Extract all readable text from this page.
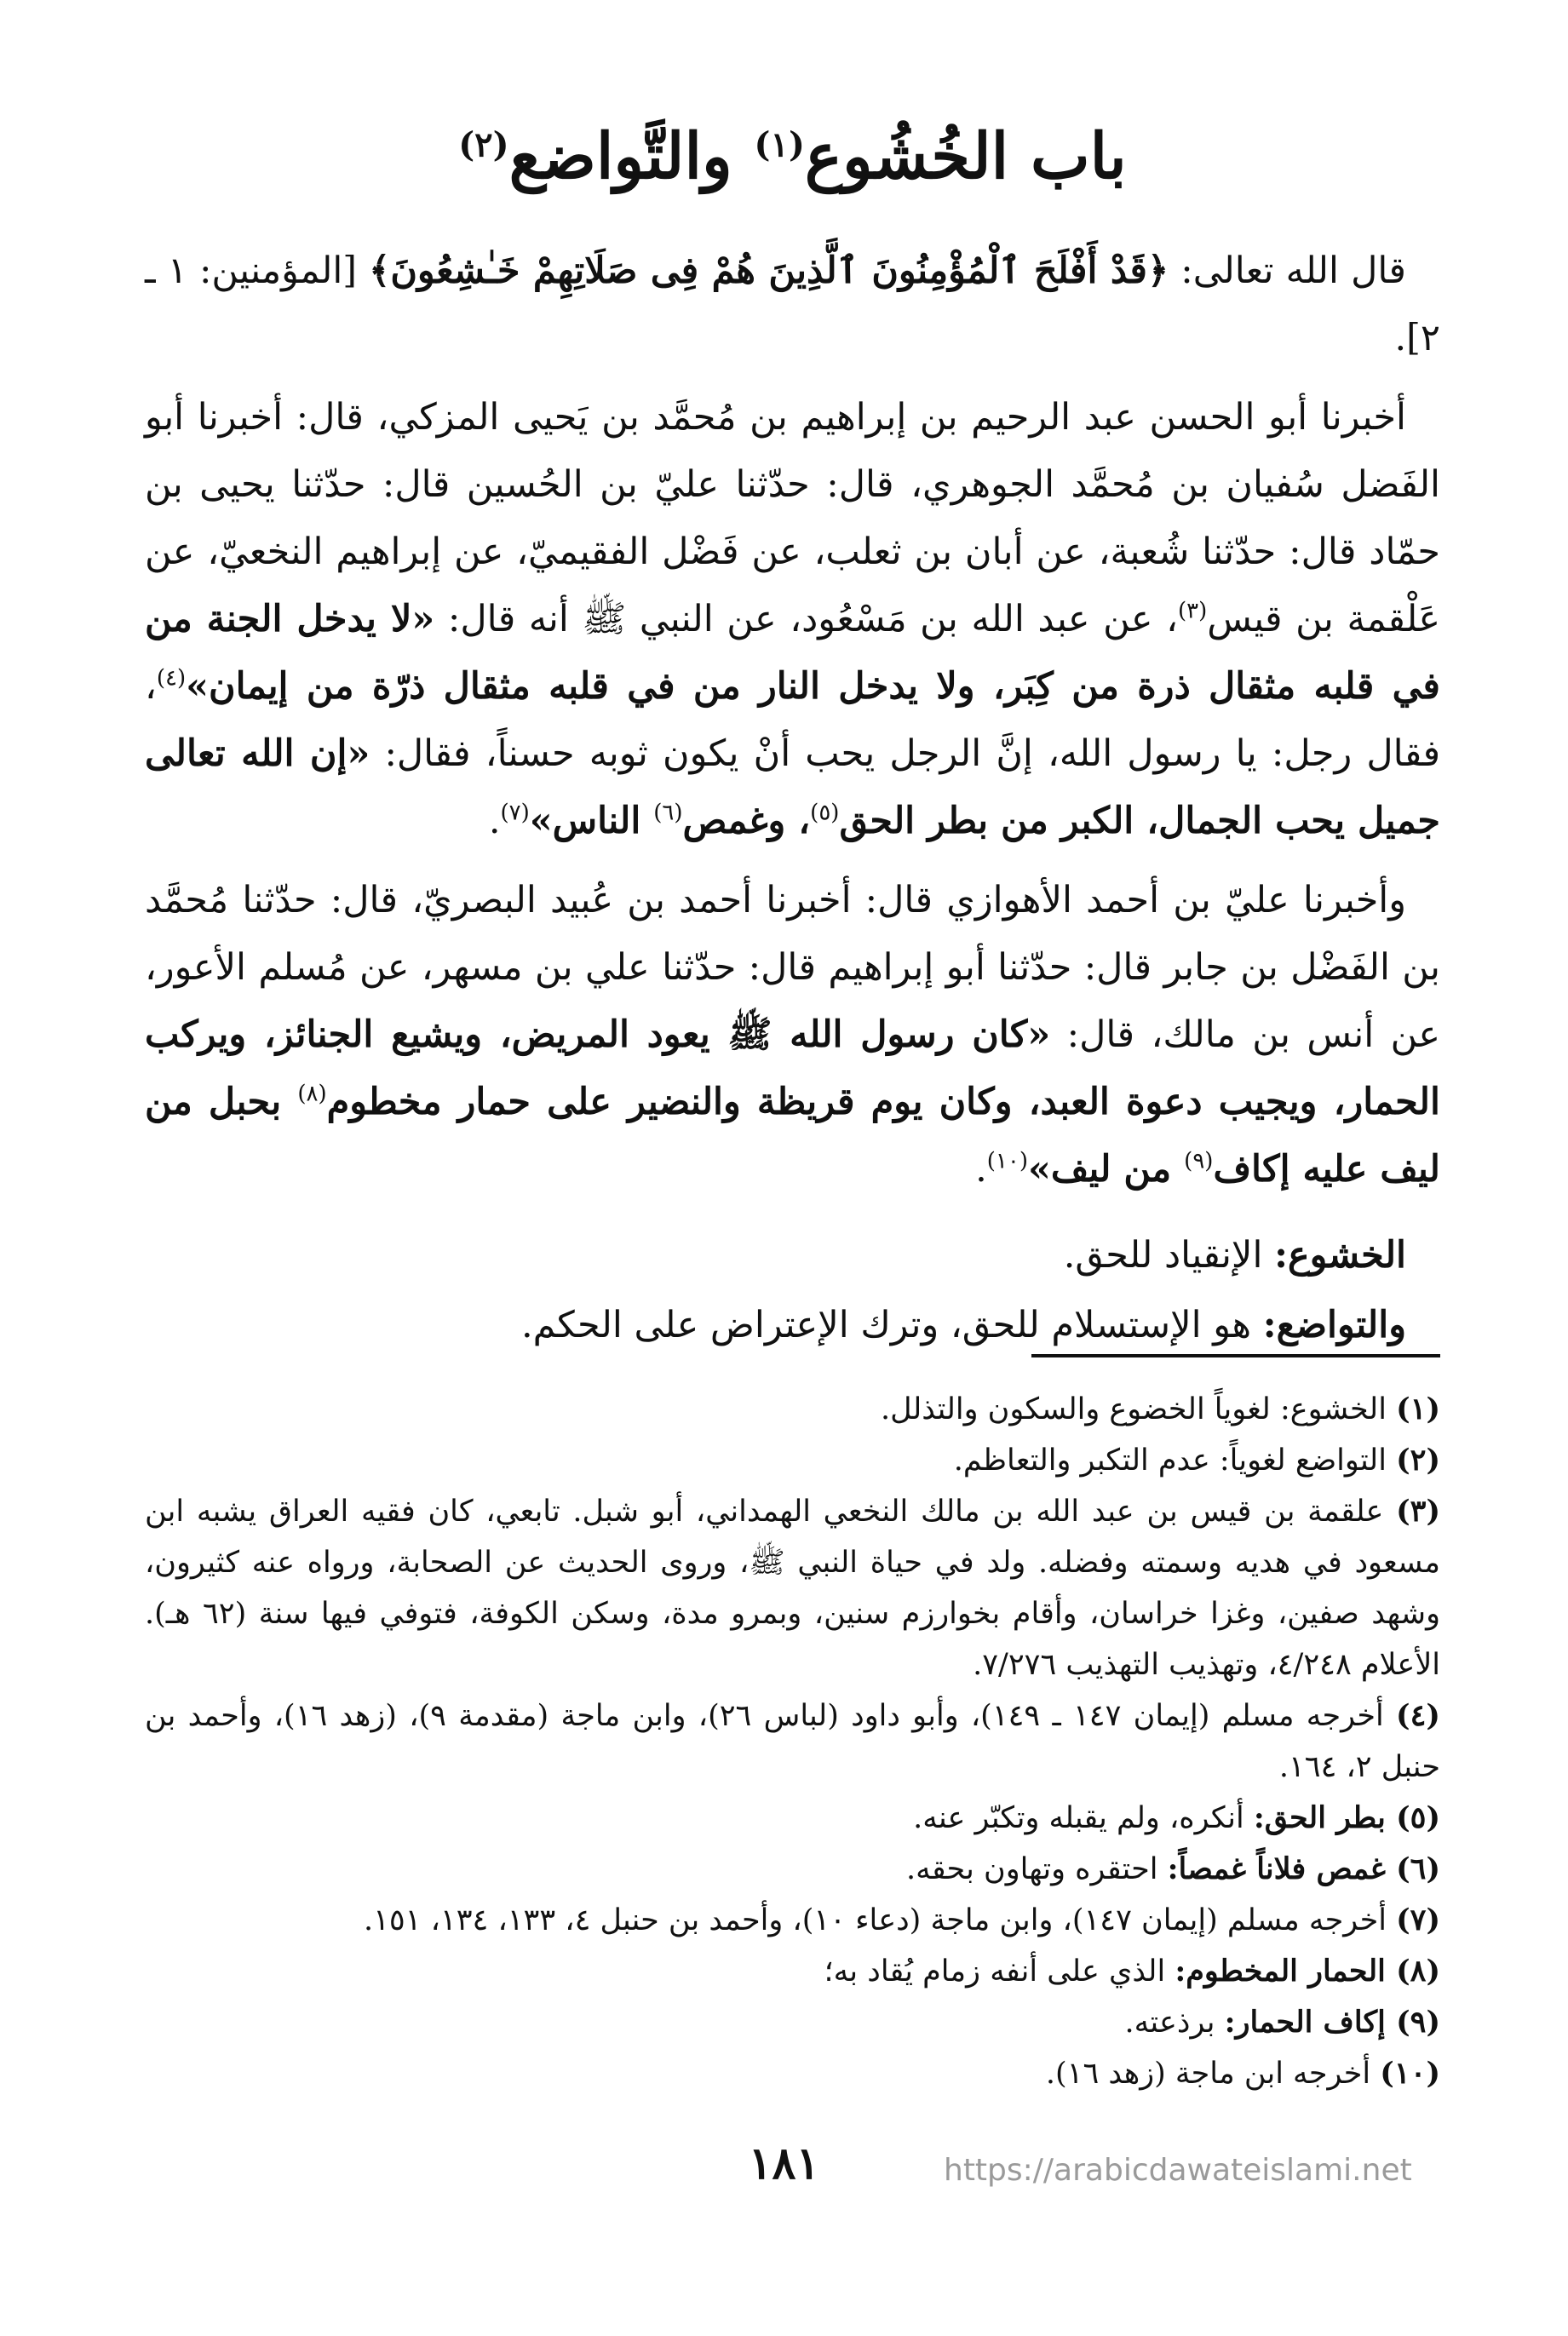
باب الخُشُوع$^{(١)}$ والتَّواضع$^{(٢)}$

قال الله تعالى: ﴿قَدْ أَفْلَحَ ٱلْمُؤْمِنُونَ ٱلَّذِينَ هُمْ فِى صَلَاتِهِمْ خَـٰشِعُونَ﴾ [المؤمنين: ١ ـ ٢].

أخبرنا أبو الحسن عبد الرحيم بن إبراهيم بن مُحمَّد بن يَحيى المزكي، قال: أخبرنا أبو الفَضل سُفيان بن مُحمَّد الجوهري، قال: حدّثنا عليّ بن الحُسين قال: حدّثنا يحيى بن حمّاد قال: حدّثنا شُعبة، عن أبان بن ثعلب، عن فَضْل الفقيميّ، عن إبراهيم النخعيّ، عن عَلْقمة بن قيس$^{(٣)}$، عن عبد الله بن مَسْعُود، عن النبي ﷺ أنه قال: «لا يدخل الجنة من في قلبه مثقال ذرة من كِبَر، ولا يدخل النار من في قلبه مثقال ذرّة من إيمان»$^{(٤)}$، فقال رجل: يا رسول الله، إنَّ الرجل يحب أنْ يكون ثوبه حسناً، فقال: «إن الله تعالى جميل يحب الجمال، الكبر من بطر الحق$^{(٥)}$، وغمص$^{(٦)}$ الناس»$^{(٧)}$.

وأخبرنا عليّ بن أحمد الأهوازي قال: أخبرنا أحمد بن عُبيد البصريّ، قال: حدّثنا مُحمَّد بن الفَضْل بن جابر قال: حدّثنا أبو إبراهيم قال: حدّثنا علي بن مسهر، عن مُسلم الأعور، عن أنس بن مالك، قال: «كان رسول الله ﷺ يعود المريض، ويشيع الجنائز، ويركب الحمار، ويجيب دعوة العبد، وكان يوم قريظة والنضير على حمار مخطوم$^{(٨)}$ بحبل من ليف عليه إكاف$^{(٩)}$ من ليف»$^{(١٠)}$.

الخشوع: الإنقياد للحق.
والتواضع: هو الإستسلام للحق، وترك الإعتراض على الحكم.

(١) الخشوع: لغوياً الخضوع والسكون والتذلل.

(٢) التواضع لغوياً: عدم التكبر والتعاظم.

(٣) علقمة بن قيس بن عبد الله بن مالك النخعي الهمداني، أبو شبل. تابعي، كان فقيه العراق يشبه ابن مسعود في هديه وسمته وفضله. ولد في حياة النبي ﷺ، وروى الحديث عن الصحابة، ورواه عنه كثيرون، وشهد صفين، وغزا خراسان، وأقام بخوارزم سنين، وبمرو مدة، وسكن الكوفة، فتوفي فيها سنة (٦٢ هـ). الأعلام ٤/٢٤٨، وتهذيب التهذيب ٧/٢٧٦.

(٤) أخرجه مسلم (إيمان ١٤٧ ـ ١٤٩)، وأبو داود (لباس ٢٦)، وابن ماجة (مقدمة ٩)، (زهد ١٦)، وأحمد بن حنبل ٢، ١٦٤.

(٥) بطر الحق: أنكره، ولم يقبله وتكبّر عنه.

(٦) غمص فلاناً غمصاً: احتقره وتهاون بحقه.

(٧) أخرجه مسلم (إيمان ١٤٧)، وابن ماجة (دعاء ١٠)، وأحمد بن حنبل ٤، ١٣٣، ١٣٤، ١٥١.

(٨) الحمار المخطوم: الذي على أنفه زمام يُقاد به؛

(٩) إكاف الحمار: برذعته.

(١٠) أخرجه ابن ماجة (زهد ١٦).

١٨١	https://arabicdawateislami.net
